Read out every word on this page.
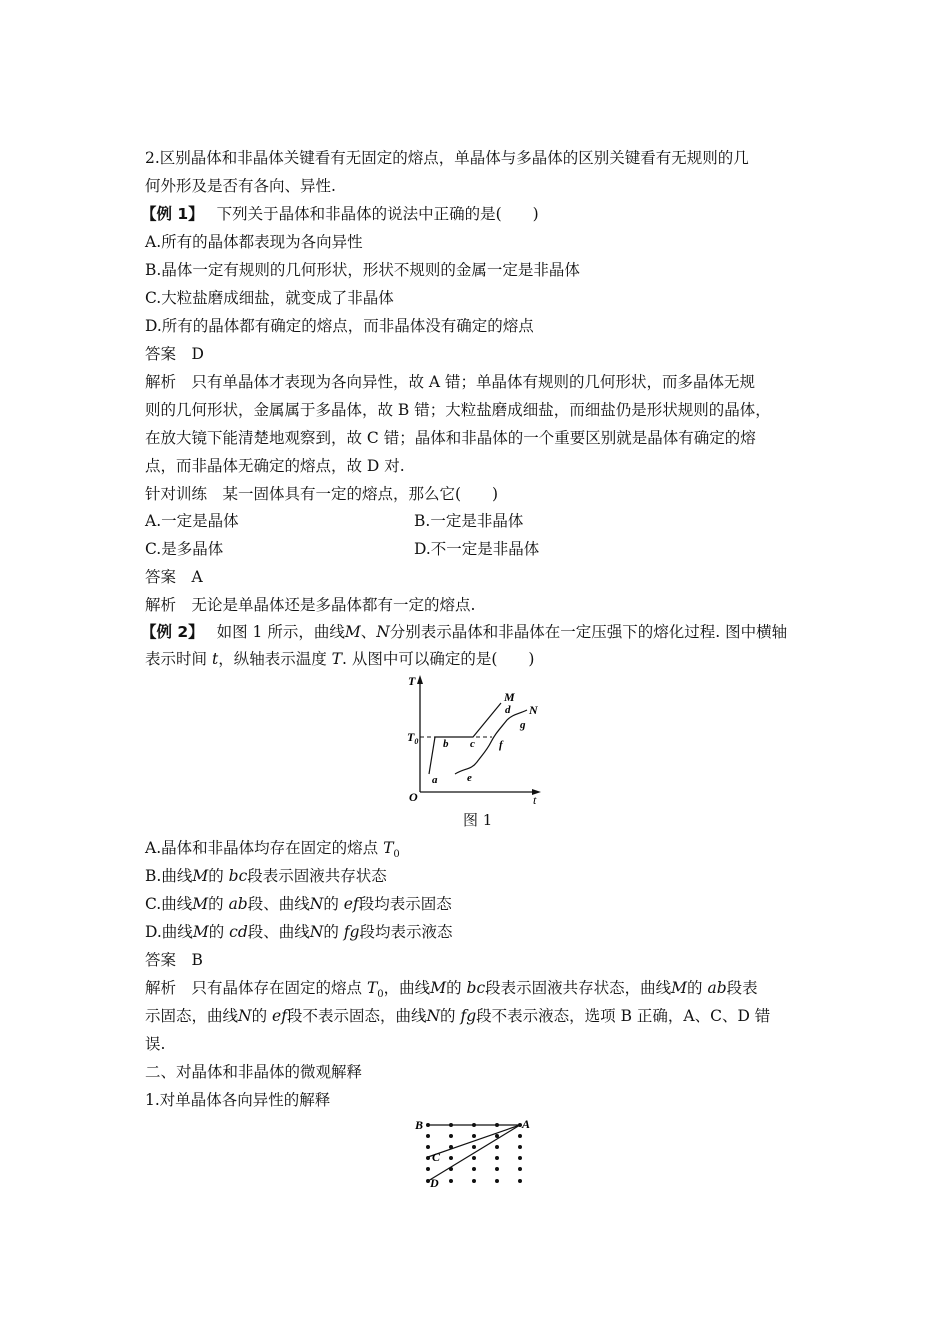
2.区别晶体和非晶体关键看有无固定的熔点，单晶体与多晶体的区别关键看有无规则的几
何外形及是否有各向、异性.
【例 1】 下列关于晶体和非晶体的说法中正确的是(　　)
A.所有的晶体都表现为各向异性
B.晶体一定有规则的几何形状，形状不规则的金属一定是非晶体
C.大粒盐磨成细盐，就变成了非晶体
D.所有的晶体都有确定的熔点，而非晶体没有确定的熔点
答案　D
解析　只有单晶体才表现为各向异性，故 A 错；单晶体有规则的几何形状，而多晶体无规
则的几何形状，金属属于多晶体，故 B 错；大粒盐磨成细盐，而细盐仍是形状规则的晶体，
在放大镜下能清楚地观察到，故 C 错；晶体和非晶体的一个重要区别就是晶体有确定的熔
点，而非晶体无确定的熔点，故 D 对.
针对训练　某一固体具有一定的熔点，那么它(　　)
A.一定是晶体	B.一定是非晶体
C.是多晶体	D.不一定是非晶体
答案　A
解析　无论是单晶体还是多晶体都有一定的熔点.
【例 2】 如图 1 所示，曲线M、N分别表示晶体和非晶体在一定压强下的熔化过程. 图中横轴
表示时间 t，纵轴表示温度 T. 从图中可以确定的是(　　)
T
t
O
$T_0$
M
N
a
b c
d
e
f
g
图 1
A.晶体和非晶体均存在固定的熔点 $T_0$
B.曲线M的 bc段表示固液共存状态
C.曲线M的 ab段、曲线N的 ef段均表示固态
D.曲线M的 cd段、曲线N的 fg段均表示液态
答案　B
解析　只有晶体存在固定的熔点 $T_0$，曲线M的 bc段表示固液共存状态，曲线M的 ab段表
示固态，曲线N的 ef段不表示固态，曲线N的 fg段不表示液态，选项 B 正确，A、C、D 错
误.
二、对晶体和非晶体的微观解释
1.对单晶体各向异性的解释
A
B
C
D
